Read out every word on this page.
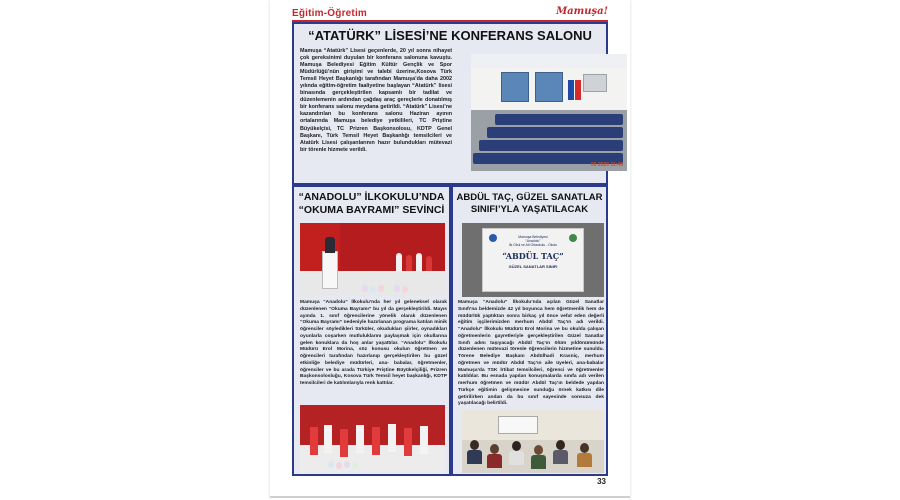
Eğitim-Öğretim	Mamuşa!
“ATATÜRK” LİSESİ’NE KONFERANS SALONU
Mamuşa “Atatürk” Lisesi geçenlerde, 20 yıl sonra nihayet çok gereksinimi duyulan bir konferans salonuna kavuştu. Mamuşa Belediyesi Eğitim Kültür Gençlik ve Spor Müdürlüğü’nün girişimi ve talebi üzerine,Kosova Türk Temsil Heyet Başkanlığı tarafından Mamuşa’da daha 2002 yılında eğitim-öğretim faaliyetine başlayan “Atatürk” lisesi binasında gerçekleştirilen kapsamlı bir tadilat ve düzenlemenin ardından çağdaş araç gereçlerle donatılmış bir konferans salonu meydana getirildi. “Atatürk” Lisesi’ne kazandırılan bu konferans salonu Haziran ayının ortalarında Mamuşa belediye yetkilileri, TC Priştine Büyükelçisi, TC Prizren Başkonsolosu, KDTP Genel Başkanı, Türk Temsil Heyet Başkanlığı temsilcileri ve Atatürk Lisesi çalışanlarının hazır bulundukları mütevazi bir törenle hizmete verildi.
06 2020 11:45
“ANADOLU” İLKOKULU’NDA “OKUMA BAYRAMI” SEVİNCİ
Mamuşa “Anadolu” İlkokulu’nda her yıl geleneksel olarak düzenlenen “Okuma Bayramı” bu yıl da gerçekleştirildi. Mayıs ayında 1. sınıf öğrencilerine yönelik olarak düzenlenen “Okuma Bayramı” nedeniyle hazırlanan programa katılan minik öğrenciler söyledikleri türküler, okudukları şiirler, oynadıkları oyunlarla coşarken mutluluklarını paylaşmak için okullarına gelen konuklara da hoş anlar yaşattılar. “Anadolu” İlkokulu Müdürü Erol Morina, söz konusu okulun öğretmen ve öğrencileri tarafından hazırlanıp gerçekleştirilen bu güzel etkinliğe belediye müdürleri, ana- babalar, öğretmenler, öğrenciler ve bu arada Türkiye Priştine Büyükelçiliği, Prizren Başkonsolosluğu, Kosova Türk Temsil heyet başkanlığı, KDTP temsilcileri de katılımlarıyla renk kattılar.
ABDÜL TAÇ, GÜZEL SANATLAR SINIFI’YLA YAŞATILACAK
Mamuşa Belediyesi
“Anadolu”
İlk Okul ve Alt Ortaokulu - Okulu
“ABDÜL TAÇ”
GÜZEL SANATLAR SINIFI
Mamuşa “Anadolu” İlkokulu’nda açılan Güzel Sanatlar Sınıfı’na beldemizde 42 yıl boyunca hem öğretmenlik hem de müdürlük yaptıktan sonra birkaç yıl önce vefat eden değerli eğitim işçilerimizden merhum Abdül Taç’ın adı verildi. “Anadolu” İlkokulu Müdürü Erol Morina ve bu okulda çalışan öğretmenlerin gayretleriyle gerçekleştirilen Güzel Sanatlar Sınıfı adını taşıyacağı Abdül Taç’ın ölüm yıldönümünde düzenlenen mütevazi törenle öğrencilerin hizmetine sunuldu. Törene Belediye Başkanı Abdülhadi Krasniç, merhum öğretmen ve müdür Abdül Taç’ın aile üyeleri, ana-babalar Mamuşa’da TSK İrtibat temsilcileri, öğrenci ve öğretmenler katıldılar. Bu esnada yapılan konuşmalarda sınıfa adı verilen merhum öğretmen ve müdür Abdül Taç’ın beldede yapılan Türkçe eğitimin gelişmesine sunduğu örnek katkısı dile getirilirken andan da bu sınıf sayesinde sonsuza dek yaşatılacağı belirtildi.
33
